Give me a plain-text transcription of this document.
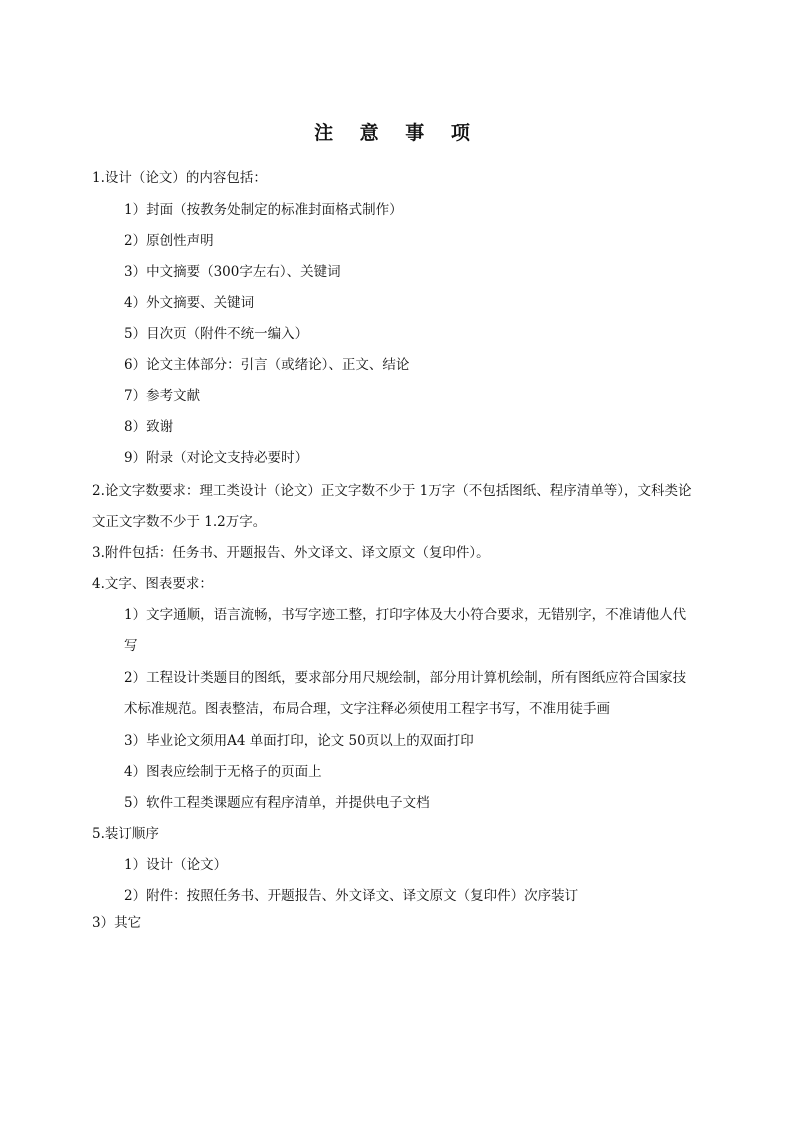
注 意 事 项
1.设计（论文）的内容包括：
1）封面（按教务处制定的标准封面格式制作）
2）原创性声明
3）中文摘要（300字左右）、关键词
4）外文摘要、关键词
5）目次页（附件不统一编入）
6）论文主体部分：引言（或绪论）、正文、结论
7）参考文献
8）致谢
9）附录（对论文支持必要时）
2.论文字数要求：理工类设计（论文）正文字数不少于 1万字（不包括图纸、程序清单等），文科类论
文正文字数不少于 1.2万字。
3.附件包括：任务书、开题报告、外文译文、译文原文（复印件）。
4.文字、图表要求：
1）文字通顺，语言流畅，书写字迹工整，打印字体及大小符合要求，无错别字，不准请他人代
写
2）工程设计类题目的图纸，要求部分用尺规绘制，部分用计算机绘制，所有图纸应符合国家技
术标准规范。图表整洁，布局合理，文字注释必须使用工程字书写，不准用徒手画
3）毕业论文须用A4 单面打印，论文 50页以上的双面打印
4）图表应绘制于无格子的页面上
5）软件工程类课题应有程序清单，并提供电子文档
5.装订顺序
1）设计（论文）
2）附件：按照任务书、开题报告、外文译文、译文原文（复印件）次序装订
3）其它
